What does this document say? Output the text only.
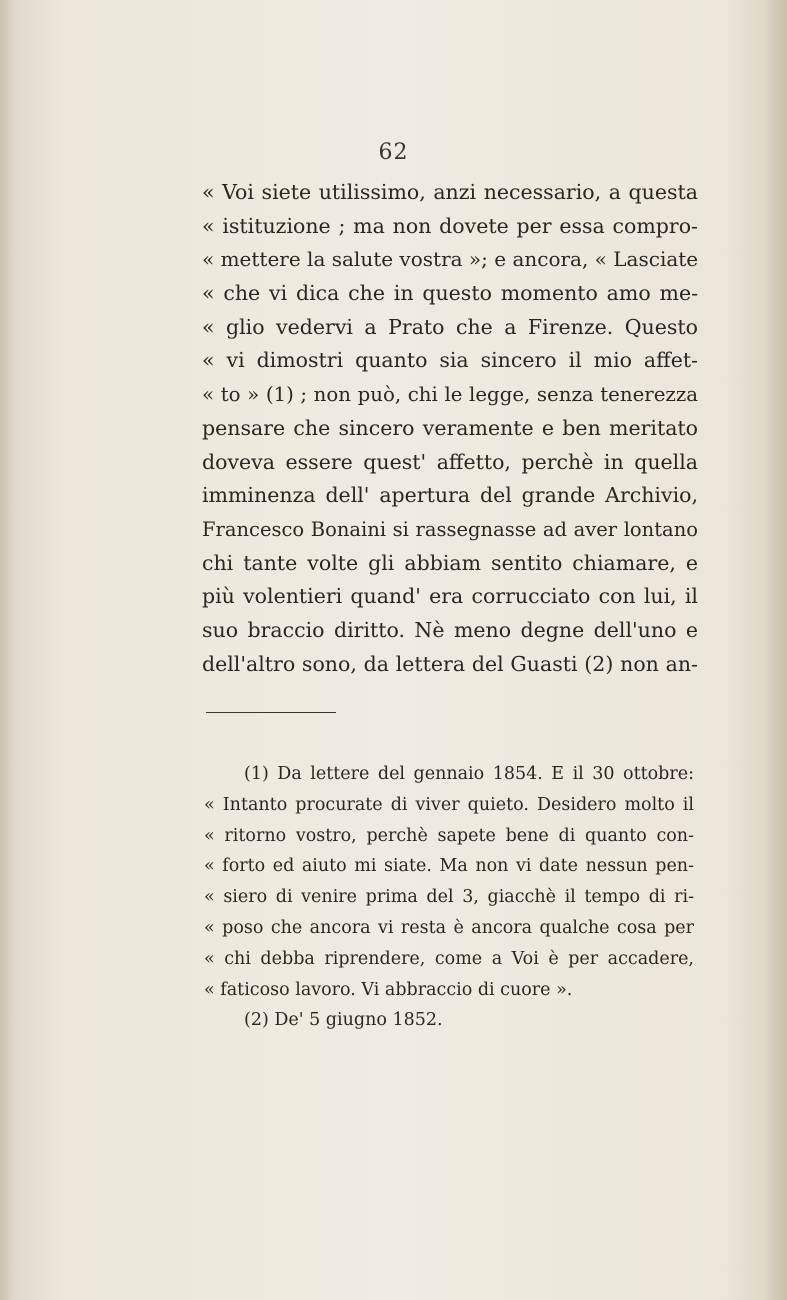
62
« Voi siete utilissimo, anzi necessario, a questa
« istituzione ; ma non dovete per essa compro-
« mettere la salute vostra »; e ancora, « Lasciate
« che vi dica che in questo momento amo me-
« glio vedervi a Prato che a Firenze. Questo
« vi dimostri quanto sia sincero il mio affet-
« to » (1) ; non può, chi le legge, senza tenerezza
pensare che sincero veramente e ben meritato
doveva essere quest' affetto, perchè in quella
imminenza dell' apertura del grande Archivio,
Francesco Bonaini si rassegnasse ad aver lontano
chi tante volte gli abbiam sentito chiamare, e
più volentieri quand' era corrucciato con lui, il
suo braccio diritto. Nè meno degne dell'uno e
dell'altro sono, da lettera del Guasti (2) non an-
(1) Da lettere del gennaio 1854. E il 30 ottobre:
« Intanto procurate di viver quieto. Desidero molto il
« ritorno vostro, perchè sapete bene di quanto con-
« forto ed aiuto mi siate. Ma non vi date nessun pen-
« siero di venire prima del 3, giacchè il tempo di ri-
« poso che ancora vi resta è ancora qualche cosa per
« chi debba riprendere, come a Voi è per accadere,
« faticoso lavoro. Vi abbraccio di cuore ».
(2) De' 5 giugno 1852.
